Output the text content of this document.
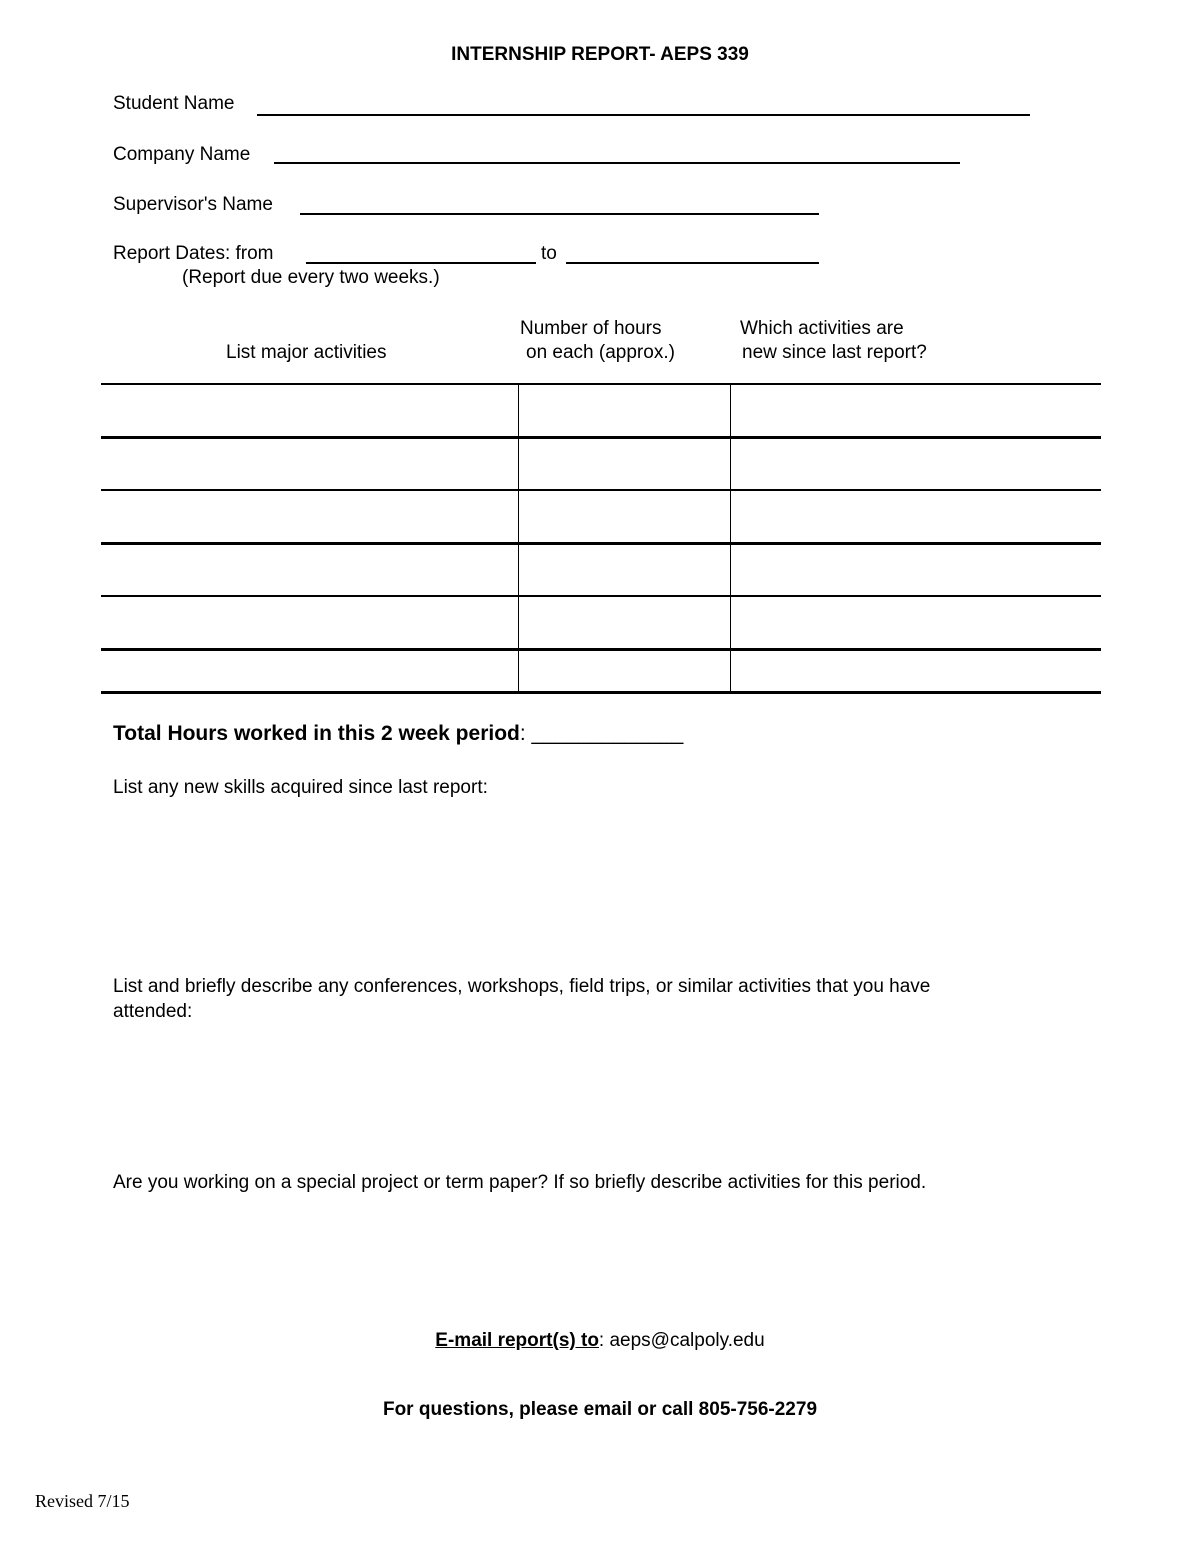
INTERNSHIP REPORT- AEPS 339
Student Name
Company Name
Supervisor's Name
Report Dates: from	to
(Report due every two weeks.)
List major activities
Number of hours
on each (approx.)
Which activities are
new since last report?
Total Hours worked in this 2 week period: _____________
List any new skills acquired since last report:
List and briefly describe any conferences, workshops, field trips, or similar activities that you have
attended:
Are you working on a special project or term paper? If so briefly describe activities for this period.
E-mail report(s) to: aeps@calpoly.edu
For questions, please email or call 805-756-2279
Revised 7/15
